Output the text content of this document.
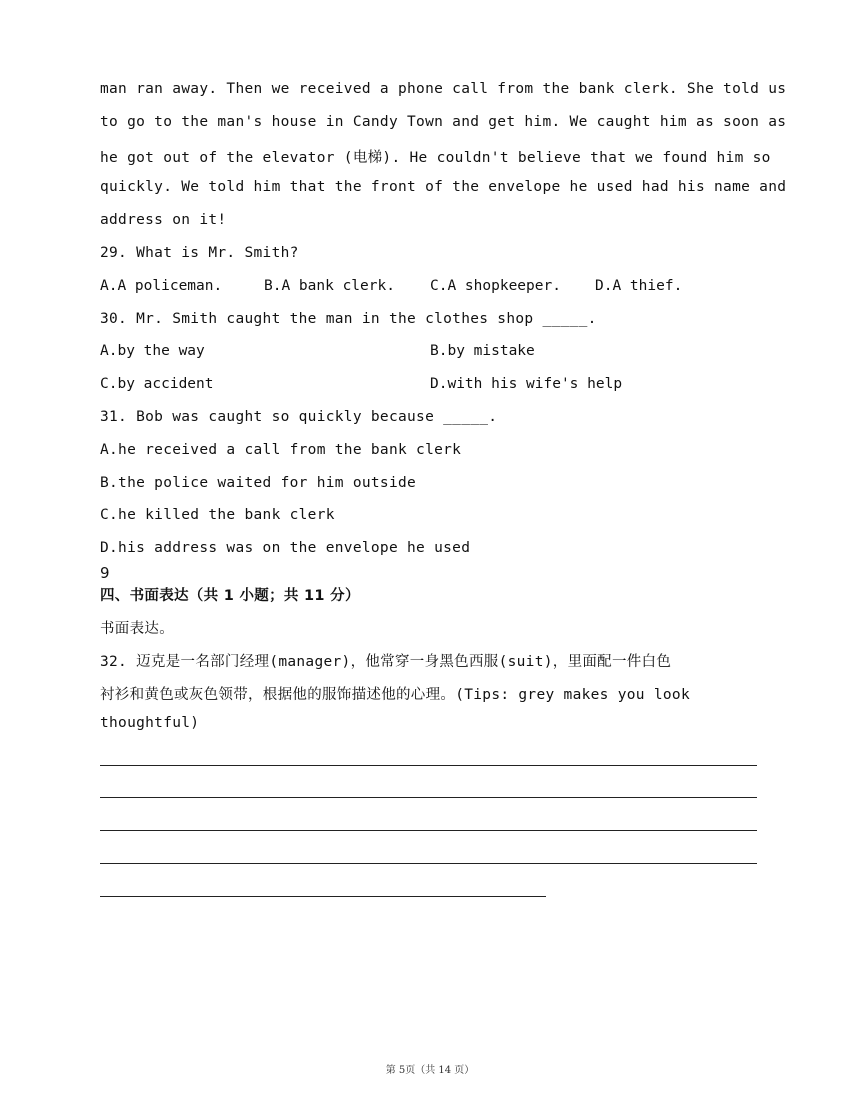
man ran away. Then we received a phone call from the bank clerk. She told us
to go to the man's house in Candy Town and get him. We caught him as soon as
he got out of the elevator (电梯). He couldn't believe that we found him so
quickly. We told him that the front of the envelope he used had his name and
address on it!
29. What is Mr. Smith?
A.A policeman.	B.A bank clerk. C.A shopkeeper. D.A thief.
30. Mr. Smith caught the man in the clothes shop _____.
A.by the way	B.by mistake
C.by accident	D.with his wife's help
31. Bob was caught so quickly because _____.
A.he received a call from the bank clerk
B.the police waited for him outside
C.he killed the bank clerk
D.his address was on the envelope he used
9
四、书面表达（共 1 小题；共 11 分）
书面表达。
32. 迈克是一名部门经理(manager)，他常穿一身黑色西服(suit)，里面配一件白色
衬衫和黄色或灰色领带，根据他的服饰描述他的心理。(Tips: grey makes you look
thoughtful)
第 5页（共 14 页）
